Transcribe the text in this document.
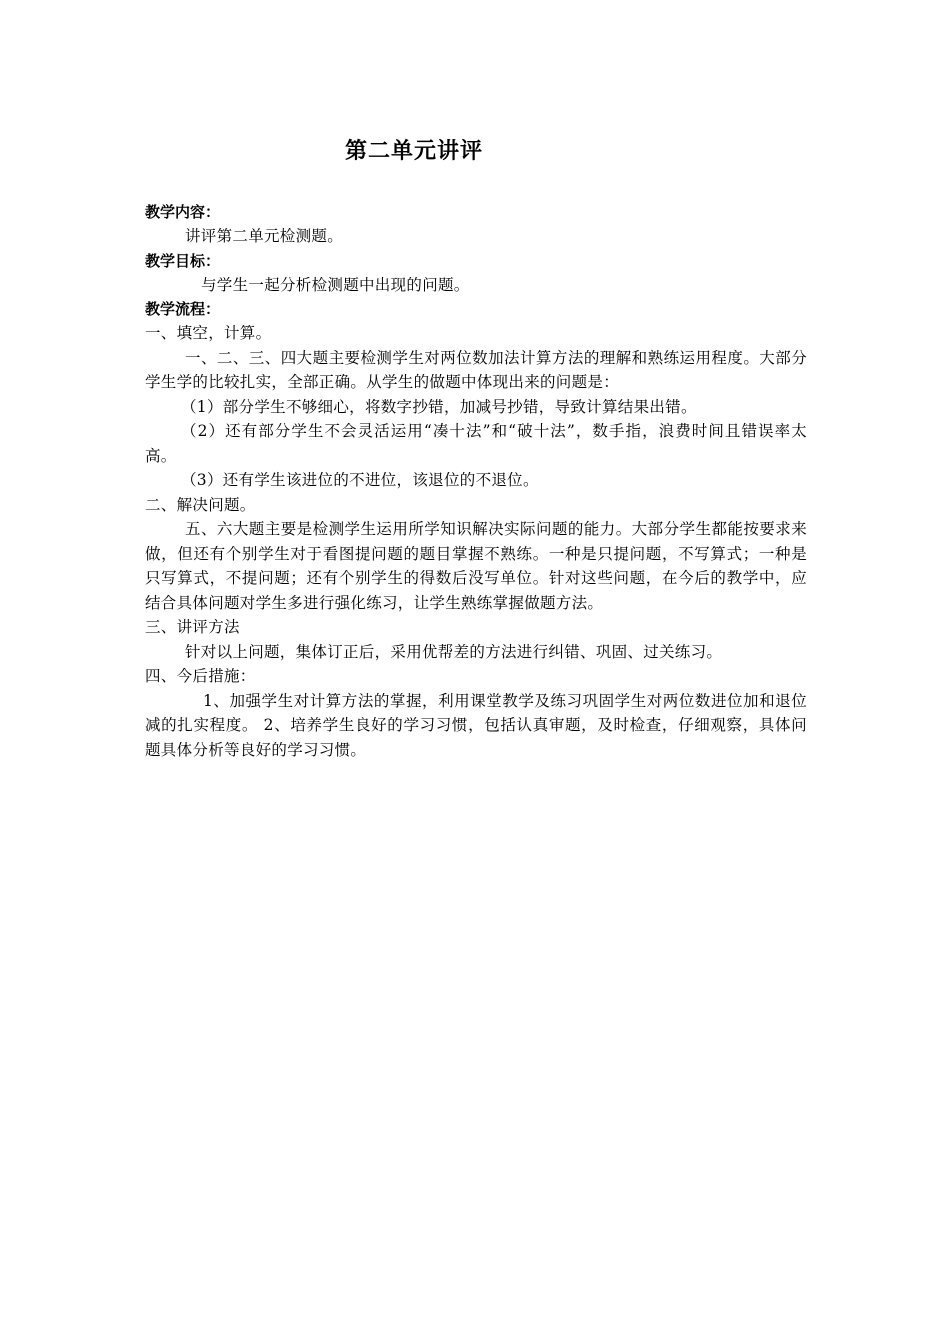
第二单元讲评

教学内容：

讲评第二单元检测题。

教学目标：

与学生一起分析检测题中出现的问题。

教学流程：

一、填空，计算。

一、二、三、四大题主要检测学生对两位数加法计算方法的理解和熟练运用程度。大部分学生学的比较扎实，全部正确。从学生的做题中体现出来的问题是：

（1）部分学生不够细心，将数字抄错，加减号抄错，导致计算结果出错。

（2）还有部分学生不会灵活运用“凑十法”和“破十法”，数手指，浪费时间且错误率太高。

（3）还有学生该进位的不进位，该退位的不退位。

二、解决问题。

五、六大题主要是检测学生运用所学知识解决实际问题的能力。大部分学生都能按要求来做，但还有个别学生对于看图提问题的题目掌握不熟练。一种是只提问题，不写算式；一种是只写算式，不提问题；还有个别学生的得数后没写单位。针对这些问题，在今后的教学中，应结合具体问题对学生多进行强化练习，让学生熟练掌握做题方法。

三、讲评方法

针对以上问题，集体订正后，采用优帮差的方法进行纠错、巩固、过关练习。

四、今后措施：

1、加强学生对计算方法的掌握，利用课堂教学及练习巩固学生对两位数进位加和退位减的扎实程度。 2、培养学生良好的学习习惯，包括认真审题，及时检查，仔细观察，具体问题具体分析等良好的学习习惯。
